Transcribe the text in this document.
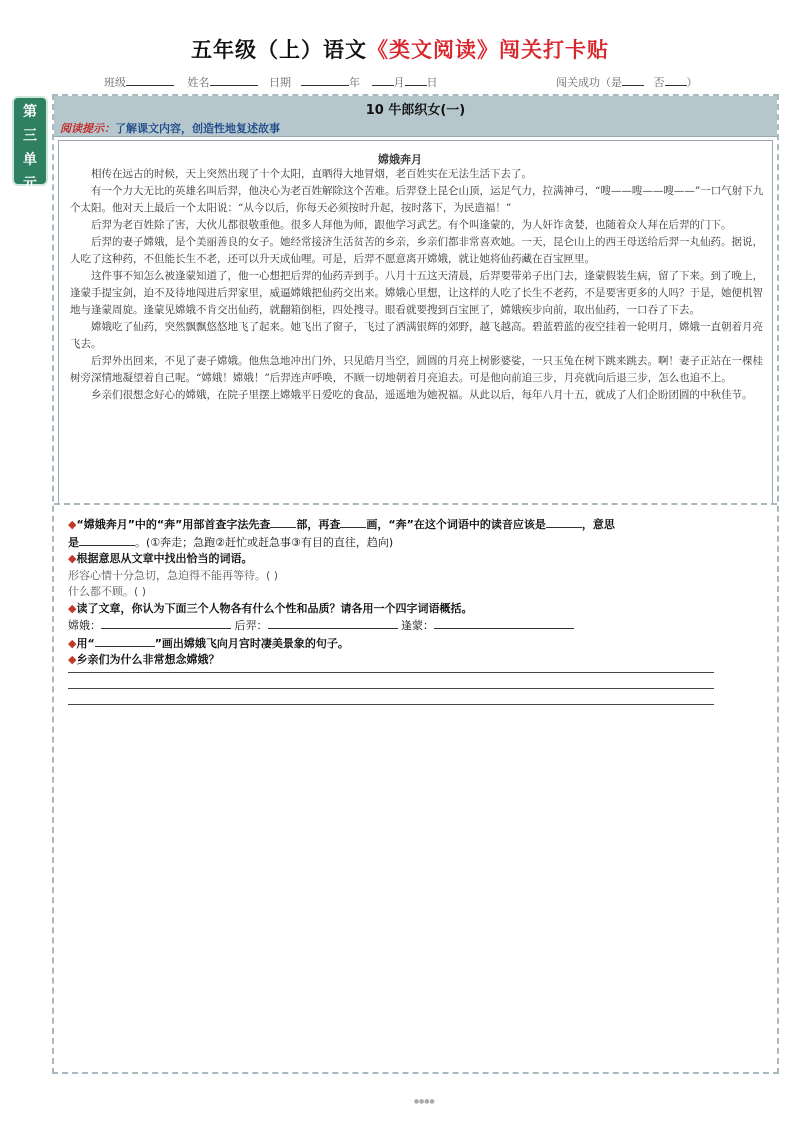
五年级（上）语文《类文阅读》闯关打卡贴
班级	姓名	日期	年	月 日	闯关成功（是	否 ）
第
三
单
元
10 牛郎织女(一)
阅读提示：了解课文内容，创造性地复述故事
嫦娥奔月

相传在远古的时候，天上突然出现了十个太阳，直晒得大地冒烟，老百姓实在无法生活下去了。

有一个力大无比的英雄名叫后羿，他决心为老百姓解除这个苦难。后羿登上昆仑山顶，运足气力，拉满神弓，“嗖——嗖——嗖——”一口气射下九个太阳。他对天上最后一个太阳说：“从今以后，你每天必须按时升起，按时落下，为民造福！”

后羿为老百姓除了害，大伙儿都很敬重他。很多人拜他为师，跟他学习武艺。有个叫逢蒙的，为人奸诈贪婪，也随着众人拜在后羿的门下。

后羿的妻子嫦娥，是个美丽善良的女子。她经常接济生活贫苦的乡亲，乡亲们都非常喜欢她。一天，昆仑山上的西王母送给后羿一丸仙药。据说，人吃了这种药，不但能长生不老，还可以升天成仙哩。可是，后羿不愿意离开嫦娥，就让她将仙药藏在百宝匣里。

这件事不知怎么被逢蒙知道了，他一心想把后羿的仙药弄到手。八月十五这天清晨，后羿要带弟子出门去，逢蒙假装生病，留了下来。到了晚上，逢蒙手提宝剑，迫不及待地闯进后羿家里，威逼嫦娥把仙药交出来。嫦娥心里想，让这样的人吃了长生不老药，不是要害更多的人吗？于是，她便机智地与逢蒙周旋。逢蒙见嫦娥不肯交出仙药，就翻箱倒柜，四处搜寻。眼看就要搜到百宝匣了，嫦娥疾步向前，取出仙药，一口吞了下去。

嫦娥吃了仙药，突然飘飘悠悠地飞了起来。她飞出了窗子，飞过了洒满银辉的郊野，越飞越高。碧蓝碧蓝的夜空挂着一轮明月，嫦娥一直朝着月亮飞去。

后羿外出回来，不见了妻子嫦娥。他焦急地冲出门外，只见皓月当空，圆圆的月亮上树影婆娑，一只玉兔在树下跳来跳去。啊！妻子正站在一棵桂树旁深情地凝望着自己呢。“嫦娥！嫦娥！”后羿连声呼唤，不顾一切地朝着月亮追去。可是他向前追三步，月亮就向后退三步，怎么也追不上。

乡亲们很想念好心的嫦娥，在院子里摆上嫦娥平日爱吃的食品，遥遥地为她祝福。从此以后，每年八月十五，就成了人们企盼团圆的中秋佳节。

◆“嫦娥奔月”中的“奔”用部首查字法先查 部，再查 画，“奔”在这个词语中的读音应该是	，意思
是	。(①奔走；急跑②赶忙或赶急事③有目的直往，趋向)
◆根据意思从文章中找出恰当的词语。
形容心情十分急切，急迫得不能再等待。( )
什么都不顾。( )
◆读了文章，你认为下面三个人物各有什么个性和品质？请各用一个四字词语概括。
嫦娥：	后羿：	逢蒙：
◆用“	”画出嫦娥飞向月宫时凄美景象的句子。
◆乡亲们为什么非常想念嫦娥？
· ●●●● ·
